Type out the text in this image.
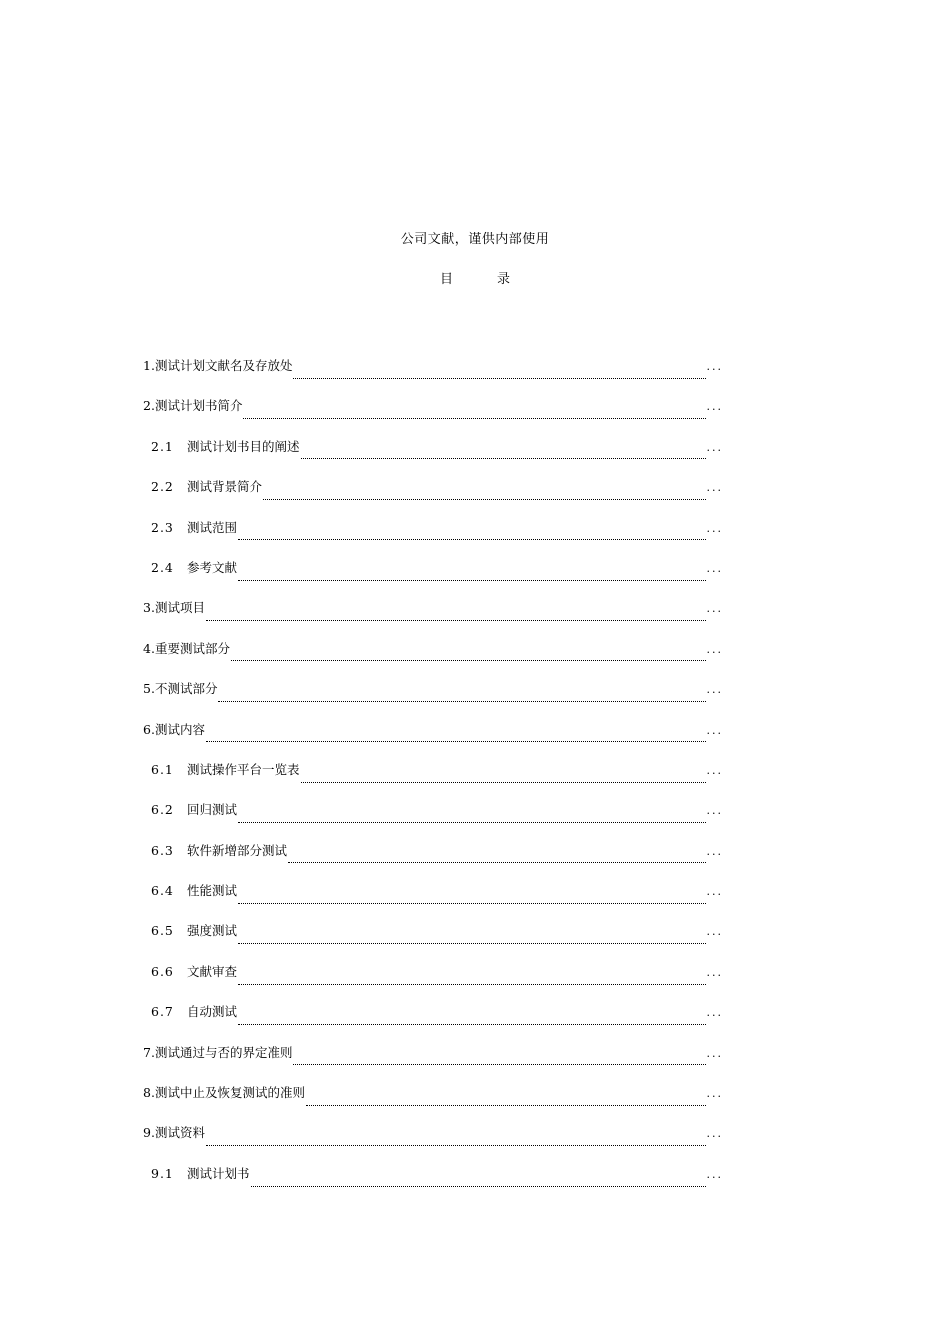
公司文献，谨供内部使用
目	录
1. 测试计划文献名及存放处	...
2. 测试计划书简介	...
2.1	测试计划书目的阐述	...
2.2	测试背景简介	...
2.3	测试范围	...
2.4	参考文献	...
3. 测试项目	...
4. 重要测试部分	...
5. 不测试部分	...
6. 测试内容	...
6.1	测试操作平台一览表	...
6.2	回归测试	...
6.3	软件新增部分测试	...
6.4	性能测试	...
6.5	强度测试	...
6.6	文献审查	...
6.7	自动测试	...
7. 测试通过与否的界定准则	...
8. 测试中止及恢复测试的准则	...
9. 测试资料	...
9.1	测试计划书	...
